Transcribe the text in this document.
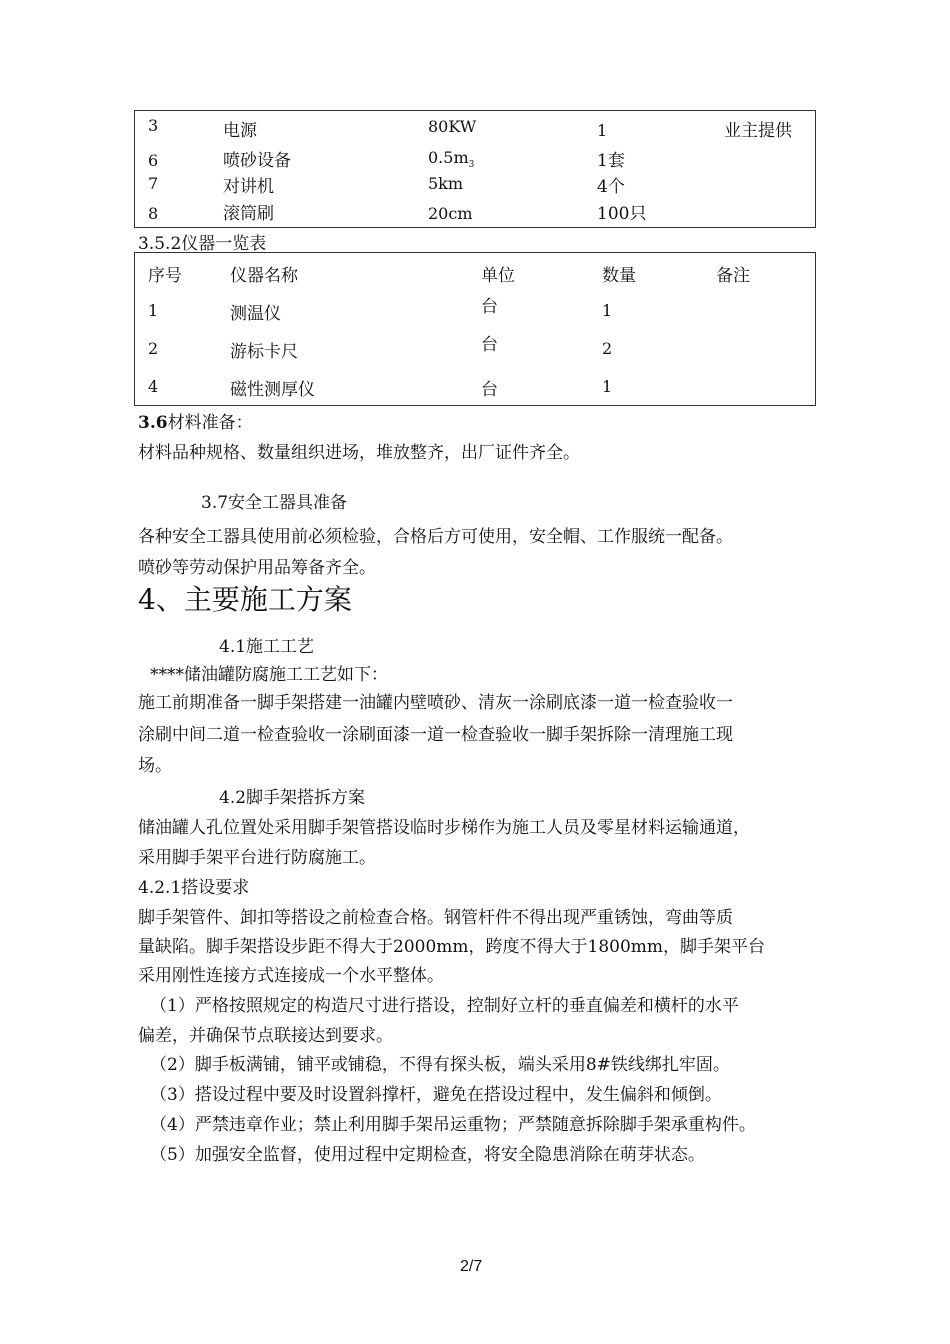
3	电源	80KW	1	业主提供
6	喷砂设备	$0.5m_3$	1套
7	对讲机	5km	4个
8	滚筒刷	20cm	100只
3.5.2仪器一览表
序号	仪器名称	单位	数量	备注
1	测温仪	台	1
2	游标卡尺	台	2
4	磁性测厚仪	台	1
3.6材料准备：
材料品种规格、数量组织进场，堆放整齐，出厂证件齐全。
3.7安全工器具准备
各种安全工器具使用前必须检验，合格后方可使用，安全帽、工作服统一配备。
喷砂等劳动保护用品筹备齐全。
4、主要施工方案
4.1施工工艺
****储油罐防腐施工工艺如下：
施工前期准备一脚手架搭建一油罐内壁喷砂、清灰一涂刷底漆一道一检查验收一
涂刷中间二道一检查验收一涂刷面漆一道一检查验收一脚手架拆除一清理施工现
场。
4.2脚手架搭拆方案
储油罐人孔位置处采用脚手架管搭设临时步梯作为施工人员及零星材料运输通道，
采用脚手架平台进行防腐施工。
4.2.1搭设要求
脚手架管件、卸扣等搭设之前检查合格。钢管杆件不得出现严重锈蚀，弯曲等质
量缺陷。脚手架搭设步距不得大于2000mm，跨度不得大于1800mm，脚手架平台
采用刚性连接方式连接成一个水平整体。
（1）严格按照规定的构造尺寸进行搭设，控制好立杆的垂直偏差和横杆的水平
偏差，并确保节点联接达到要求。
（2）脚手板满铺，铺平或铺稳，不得有探头板，端头采用8#铁线绑扎牢固。
（3）搭设过程中要及时设置斜撑杆，避免在搭设过程中，发生偏斜和倾倒。
（4）严禁违章作业；禁止利用脚手架吊运重物；严禁随意拆除脚手架承重构件。
（5）加强安全监督，使用过程中定期检查，将安全隐患消除在萌芽状态。
2/7
